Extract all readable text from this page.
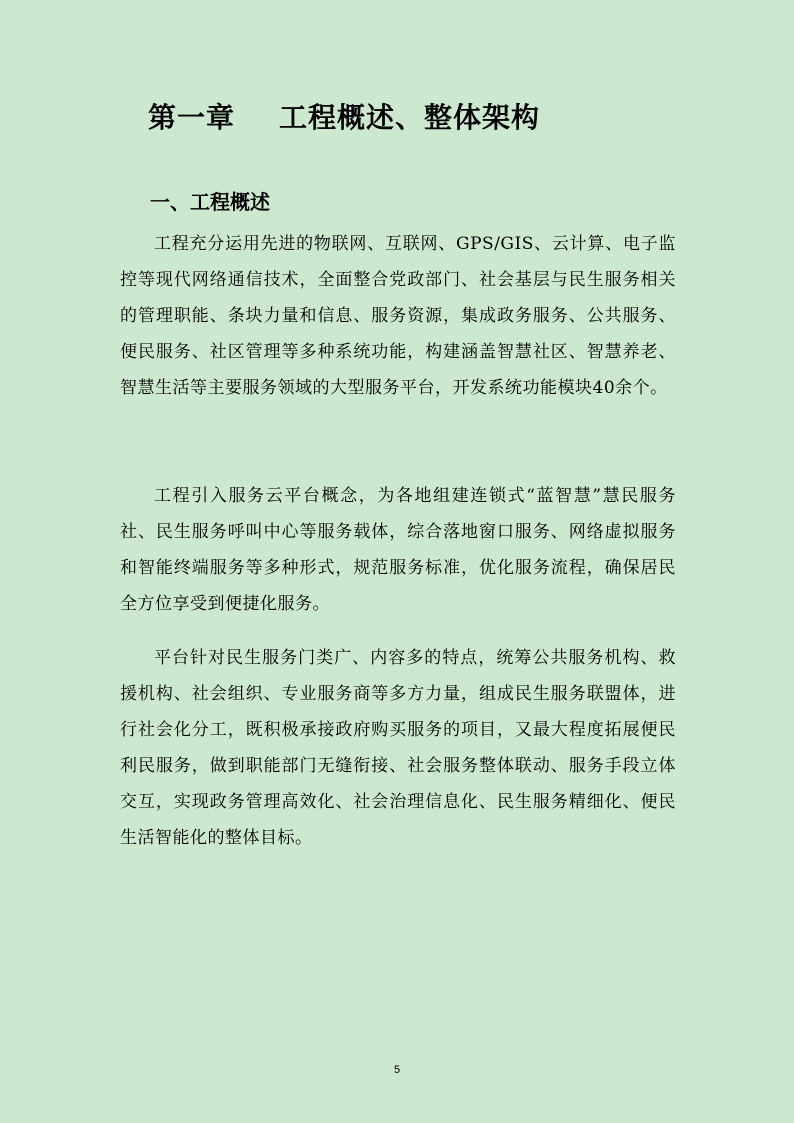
第一章 工程概述、整体架构
一、工程概述

工程充分运用先进的物联网、互联网、GPS/GIS、云计算、电子监控等现代网络通信技术，全面整合党政部门、社会基层与民生服务相关的管理职能、条块力量和信息、服务资源，集成政务服务、公共服务、便民服务、社区管理等多种系统功能，构建涵盖智慧社区、智慧养老、智慧生活等主要服务领域的大型服务平台，开发系统功能模块40余个。

工程引入服务云平台概念，为各地组建连锁式“蓝智慧”慧民服务社、民生服务呼叫中心等服务载体，综合落地窗口服务、网络虚拟服务和智能终端服务等多种形式，规范服务标准，优化服务流程，确保居民全方位享受到便捷化服务。

平台针对民生服务门类广、内容多的特点，统筹公共服务机构、救援机构、社会组织、专业服务商等多方力量，组成民生服务联盟体，进行社会化分工，既积极承接政府购买服务的项目，又最大程度拓展便民利民服务，做到职能部门无缝衔接、社会服务整体联动、服务手段立体交互，实现政务管理高效化、社会治理信息化、民生服务精细化、便民生活智能化的整体目标。

5
